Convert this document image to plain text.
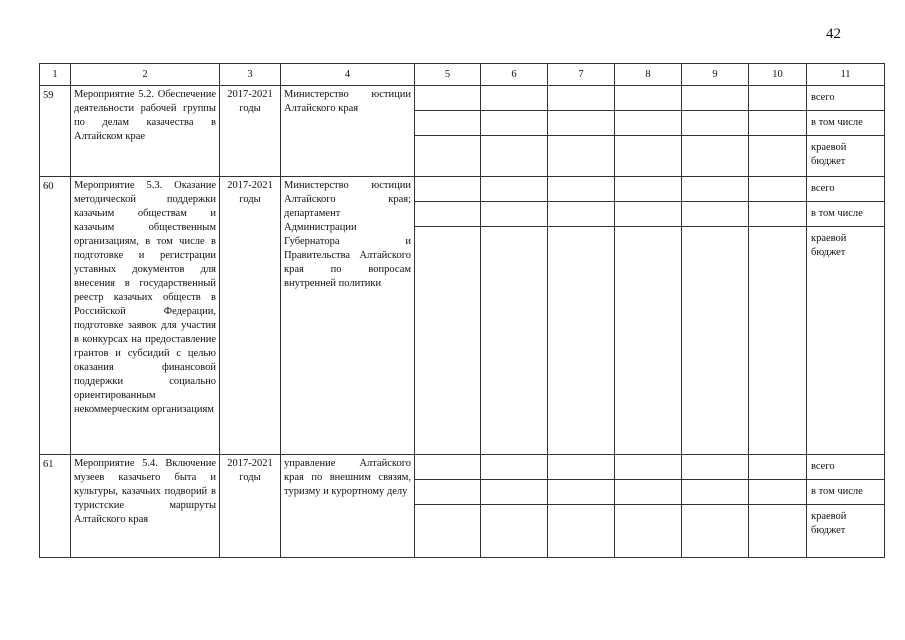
42
1	2	3	4	5	6	7	8	9	10	11
59	Мероприятие 5.2. Обеспечение деятельности рабочей группы по делам казачества в Алтайском крае	2017-2021 годы	Министерство юстиции Алтайского края							всего
										в том числе
										краевой бюджет
60	Мероприятие 5.3. Оказание методической поддержки казачьим обществам и казачьим общественным организациям, в том числе в подготовке и регистрации уставных документов для внесения в государственный реестр казачьих обществ в Российской Федерации, подготовке заявок для участия в конкурсах на предоставление грантов и субсидий с целью оказания финансовой поддержки социально ориентированным некоммерческим организациям	2017-2021 годы	Министерство юстиции Алтайского края; департамент Администрации Губернатора и Правительства Алтайского края по вопросам внутренней политики							всего
										в том числе
										краевой бюджет
61	Мероприятие 5.4. Включение музеев казачьего быта и культуры, казачьих подворий в туристские маршруты Алтайского края	2017-2021 годы	управление Алтайского края по внешним связям, туризму и курортному делу							всего
										в том числе
										краевой бюджет
